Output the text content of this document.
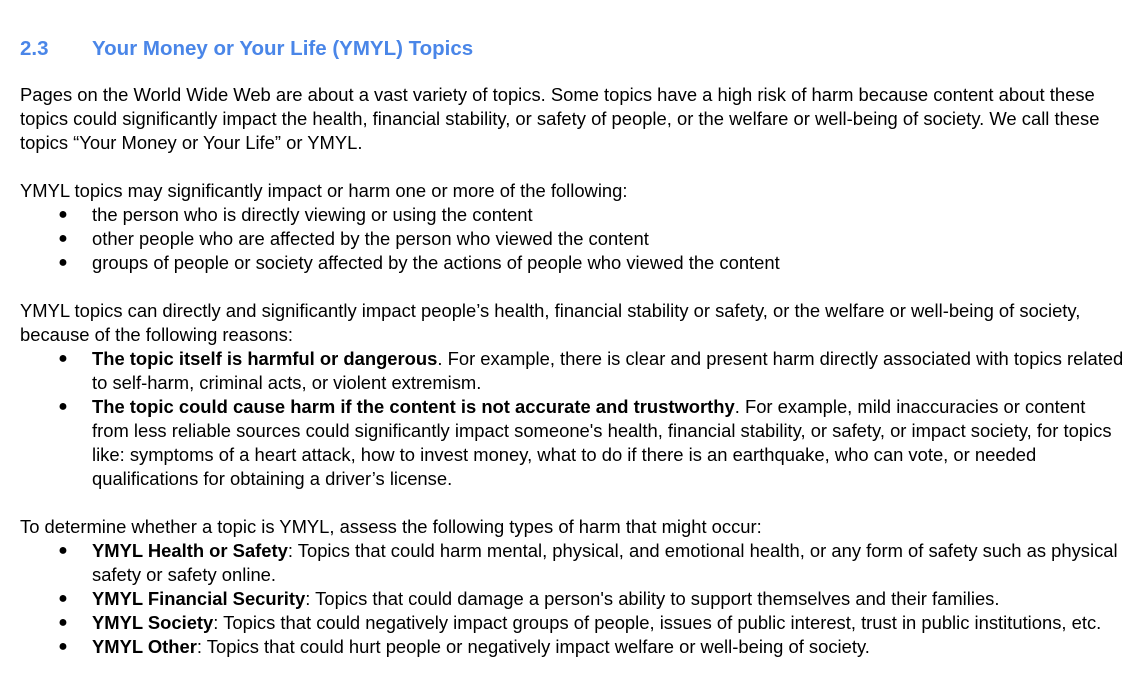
2.3	Your Money or Your Life (YMYL) Topics

Pages on the World Wide Web are about a vast variety of topics. Some topics have a high risk of harm because content about these topics could significantly impact the health, financial stability, or safety of people, or the welfare or well-being of society. We call these topics “Your Money or Your Life” or YMYL.

YMYL topics may significantly impact or harm one or more of the following:

● the person who is directly viewing or using the content
● other people who are affected by the person who viewed the content
● groups of people or society affected by the actions of people who viewed the content

YMYL topics can directly and significantly impact people’s health, financial stability or safety, or the welfare or well-being of society, because of the following reasons:

● The topic itself is harmful or dangerous. For example, there is clear and present harm directly associated with topics related to self-harm, criminal acts, or violent extremism.
● The topic could cause harm if the content is not accurate and trustworthy. For example, mild inaccuracies or content from less reliable sources could significantly impact someone's health, financial stability, or safety, or impact society, for topics like: symptoms of a heart attack, how to invest money, what to do if there is an earthquake, who can vote, or needed qualifications for obtaining a driver’s license.

To determine whether a topic is YMYL, assess the following types of harm that might occur:

● YMYL Health or Safety: Topics that could harm mental, physical, and emotional health, or any form of safety such as physical safety or safety online.
● YMYL Financial Security: Topics that could damage a person's ability to support themselves and their families.
● YMYL Society: Topics that could negatively impact groups of people, issues of public interest, trust in public institutions, etc.
● YMYL Other: Topics that could hurt people or negatively impact welfare or well-being of society.
